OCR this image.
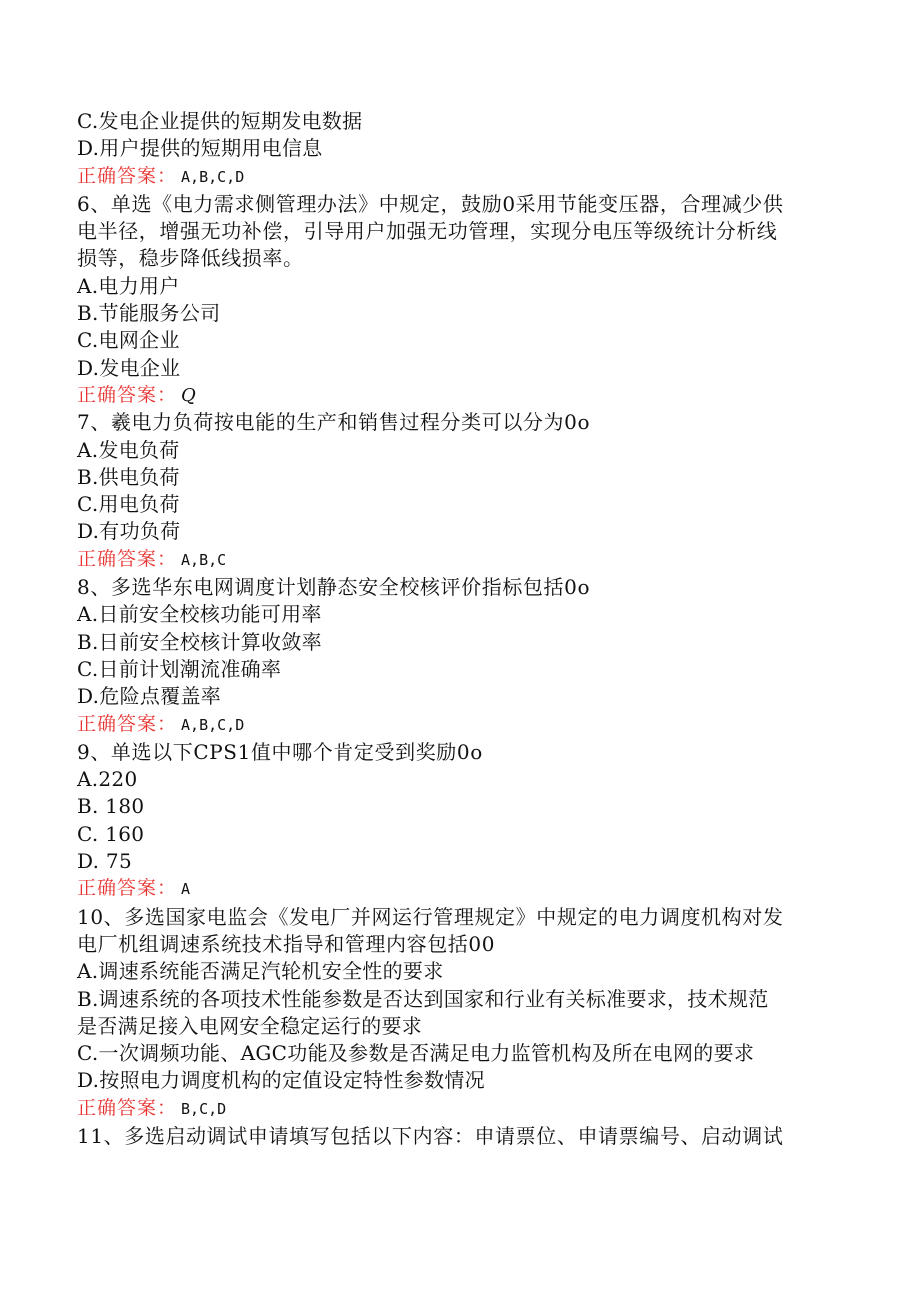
C.发电企业提供的短期发电数据
D.用户提供的短期用电信息
正确答案： A,B,C,D
6、单选《电力需求侧管理办法》中规定，鼓励0采用节能变压器，合理减少供
电半径，增强无功补偿，引导用户加强无功管理，实现分电压等级统计分析线
损等，稳步降低线损率。
A.电力用户
B.节能服务公司
C.电网企业
D.发电企业
正确答案： Q
7、羲电力负荷按电能的生产和销售过程分类可以分为0o
A.发电负荷
B.供电负荷
C.用电负荷
D.有功负荷
正确答案： A,B,C
8、多选华东电网调度计划静态安全校核评价指标包括0o
A.日前安全校核功能可用率
B.日前安全校核计算收敛率
C.日前计划潮流准确率
D.危险点覆盖率
正确答案： A,B,C,D
9、单选以下CPS1值中哪个肯定受到奖励0o
A.220
B. 180
C. 160
D. 75
正确答案： A
10、多选国家电监会《发电厂并网运行管理规定》中规定的电力调度机构对发
电厂机组调速系统技术指导和管理内容包括00
A.调速系统能否满足汽轮机安全性的要求
B.调速系统的各项技术性能参数是否达到国家和行业有关标准要求，技术规范
是否满足接入电网安全稳定运行的要求
C.一次调频功能、AGC功能及参数是否满足电力监管机构及所在电网的要求
D.按照电力调度机构的定值设定特性参数情况
正确答案： B,C,D
11、多选启动调试申请填写包括以下内容：申请票位、申请票编号、启动调试
